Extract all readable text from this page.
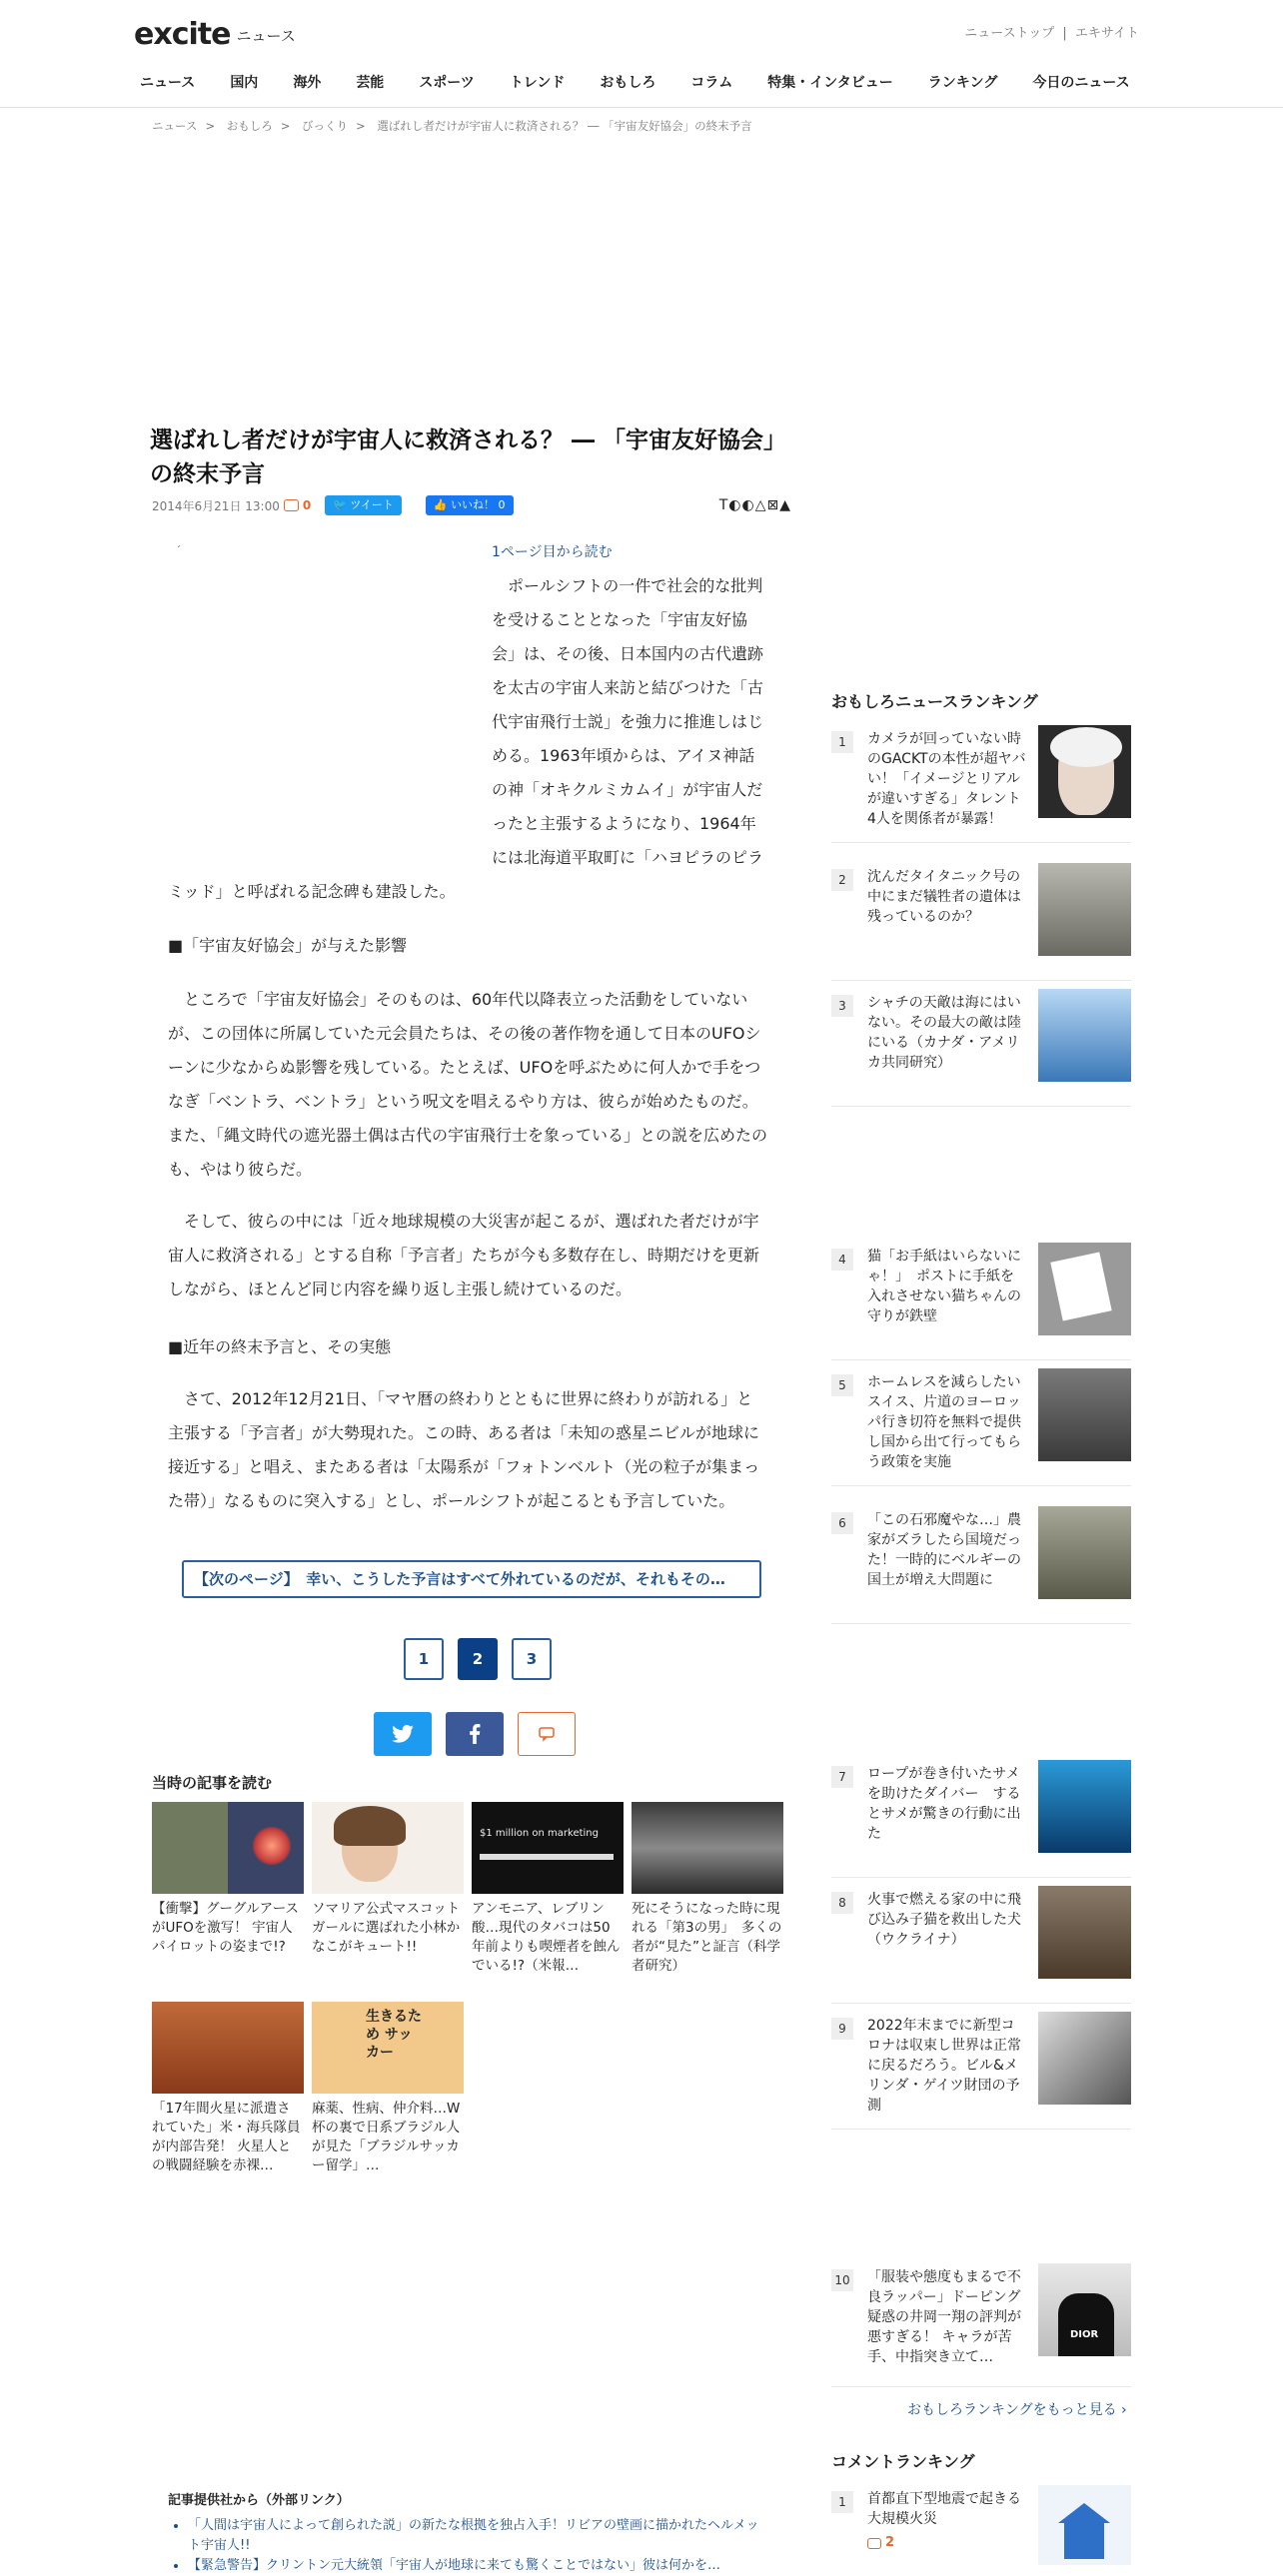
excite ニュース	ニューストップ | エキサイト
ニュース	国内	海外	芸能	スポーツ	トレンド	おもしろ	コラム	特集・インタビュー	ランキング	今日のニュース
ニュース > おもしろ > びっくり > 選ばれし者だけが宇宙人に救済される？ ― 「宇宙友好協会」の終末予言
選ばれし者だけが宇宙人に救済される？ ― 「宇宙友好協会」の終末予言
2014年6月21日 13:00 0	🐦 ツイート	👍 いいね！ 0	T◐◐△⊠▲
´	1ページ目から読む
　ポールシフトの一件で社会的な批判を受けることとなった「宇宙友好協会」は、その後、日本国内の古代遺跡を太古の宇宙人来訪と結びつけた「古代宇宙飛行士説」を強力に推進しはじめる。1963年頃からは、アイヌ神話の神「オキクルミカムイ」が宇宙人だったと主張するようになり、1964年には北海道平取町に「ハヨピラのピラミッド」と呼ばれる記念碑も建設した。
■「宇宙友好協会」が与えた影響
　ところで「宇宙友好協会」そのものは、60年代以降表立った活動をしていないが、この団体に所属していた元会員たちは、その後の著作物を通して日本のUFOシーンに少なからぬ影響を残している。たとえば、UFOを呼ぶために何人かで手をつなぎ「ベントラ、ベントラ」という呪文を唱えるやり方は、彼らが始めたものだ。また、「縄文時代の遮光器土偶は古代の宇宙飛行士を象っている」との説を広めたのも、やはり彼らだ。
　そして、彼らの中には「近々地球規模の大災害が起こるが、選ばれた者だけが宇宙人に救済される」とする自称「予言者」たちが今も多数存在し、時期だけを更新しながら、ほとんど同じ内容を繰り返し主張し続けているのだ。
■近年の終末予言と、その実態
　さて、2012年12月21日、「マヤ暦の終わりとともに世界に終わりが訪れる」と主張する「予言者」が大勢現れた。この時、ある者は「未知の惑星ニビルが地球に接近する」と唱え、またある者は「太陽系が「フォトンベルト（光の粒子が集まった帯）」なるものに突入する」とし、ポールシフトが起こるとも予言していた。
【次のページ】　幸い、こうした予言はすべて外れているのだが、それもその…
1	2	3
当時の記事を読む
【衝撃】グーグルアースがUFOを激写！ 宇宙人パイロットの姿まで!?
ソマリア公式マスコットガールに選ばれた小林かなこがキュート!!
$1 million on marketing
アンモニア、レブリン酸…現代のタバコは50年前よりも喫煙者を蝕んでいる!?（米報…
死にそうになった時に現れる「第3の男」　多くの者が“見た”と証言（科学者研究）
「17年間火星に派遣されていた」米・海兵隊員が内部告発！ 火星人との戦闘経験を赤裸…
生きるため サッカー
麻薬、性病、仲介料…W杯の裏で日系ブラジル人が見た「ブラジルサッカー留学」…
記事提供社から（外部リンク）
• 「人間は宇宙人によって創られた説」の新たな根拠を独占入手！リビアの壁画に描かれたヘルメット宇宙人!!
• 【緊急警告】クリントン元大統領「宇宙人が地球に来ても驚くことではない」彼は何かを…
おもしろニュースランキング
1	カメラが回っていない時のGACKTの本性が超ヤバい！「イメージとリアルが違いすぎる」タレント4人を関係者が暴露！
2	沈んだタイタニック号の中にまだ犠牲者の遺体は残っているのか？
3	シャチの天敵は海にはいない。その最大の敵は陸にいる（カナダ・アメリカ共同研究）
4	猫「お手紙はいらないにゃ！」　ポストに手紙を入れさせない猫ちゃんの守りが鉄壁
5	ホームレスを減らしたいスイス、片道のヨーロッパ行き切符を無料で提供し国から出て行ってもらう政策を実施
6	「この石邪魔やな…」農家がズラしたら国境だった！一時的にベルギーの国土が増え大問題に
7	ロープが巻き付いたサメを助けたダイバー　するとサメが驚きの行動に出た
8	火事で燃える家の中に飛び込み子猫を救出した犬（ウクライナ）
9	2022年末までに新型コロナは収束し世界は正常に戻るだろう。ビル&メリンダ・ゲイツ財団の予測
10 「服装や態度もまるで不良ラッパー」ドーピング疑惑の井岡一翔の評判が悪すぎる！ キャラが苦手、中指突き立て…
DIOR
おもしろランキングをもっと見る ›
コメントランキング
1	首都直下型地震で起きる大規模火災
2
